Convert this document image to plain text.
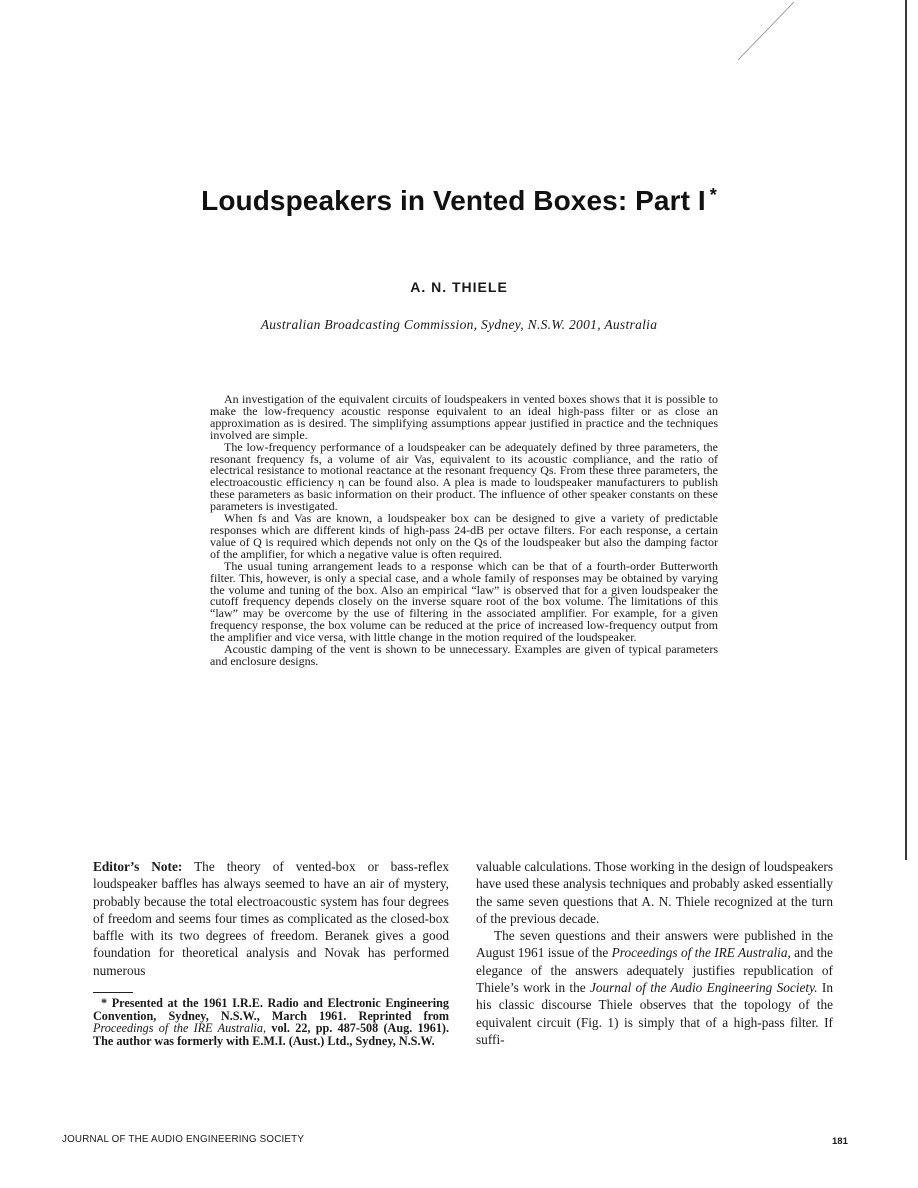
Loudspeakers in Vented Boxes: Part I *
A. N. THIELE
Australian Broadcasting Commission, Sydney, N.S.W. 2001, Australia

An investigation of the equivalent circuits of loudspeakers in vented boxes shows that it is possible to make the low-frequency acoustic response equivalent to an ideal high-pass filter or as close an approximation as is desired. The simplifying assumptions appear justified in practice and the techniques involved are simple.

The low-frequency performance of a loudspeaker can be adequately defined by three parameters, the resonant frequency fs, a volume of air Vas, equivalent to its acoustic compliance, and the ratio of electrical resistance to motional reactance at the resonant frequency Qs. From these three parameters, the electroacoustic efficiency η can be found also. A plea is made to loudspeaker manufacturers to publish these parameters as basic information on their product. The influence of other speaker constants on these parameters is investigated.

When fs and Vas are known, a loudspeaker box can be designed to give a variety of predictable responses which are different kinds of high-pass 24-dB per octave filters. For each response, a certain value of Q is required which depends not only on the Qs of the loudspeaker but also the damping factor of the amplifier, for which a negative value is often required.

The usual tuning arrangement leads to a response which can be that of a fourth-order Butterworth filter. This, however, is only a special case, and a whole family of responses may be obtained by varying the volume and tuning of the box. Also an empirical “law” is observed that for a given loudspeaker the cutoff frequency depends closely on the inverse square root of the box volume. The limitations of this “law” may be overcome by the use of filtering in the associated amplifier. For example, for a given frequency response, the box volume can be reduced at the price of increased low-frequency output from the amplifier and vice versa, with little change in the motion required of the loudspeaker.

Acoustic damping of the vent is shown to be unnecessary. Examples are given of typical parameters and enclosure designs.

Editor’s Note: The theory of vented-box or bass-reflex loudspeaker baffles has always seemed to have an air of mystery, probably because the total electroacoustic system has four degrees of freedom and seems four times as complicated as the closed-box baffle with its two degrees of freedom. Beranek gives a good foundation for theoretical analysis and Novak has performed numerous

* Presented at the 1961 I.R.E. Radio and Electronic Engineering Convention, Sydney, N.S.W., March 1961. Reprinted from Proceedings of the IRE Australia, vol. 22, pp. 487-508 (Aug. 1961). The author was formerly with E.M.I. (Aust.) Ltd., Sydney, N.S.W.

valuable calculations. Those working in the design of loudspeakers have used these analysis techniques and probably asked essentially the same seven questions that A. N. Thiele recognized at the turn of the previous decade.

The seven questions and their answers were published in the August 1961 issue of the Proceedings of the IRE Australia, and the elegance of the answers adequately justifies republication of Thiele’s work in the Journal of the Audio Engineering Society. In his classic discourse Thiele observes that the topology of the equivalent circuit (Fig. 1) is simply that of a high-pass filter. If suffi-

JOURNAL OF THE AUDIO ENGINEERING SOCIETY	181
